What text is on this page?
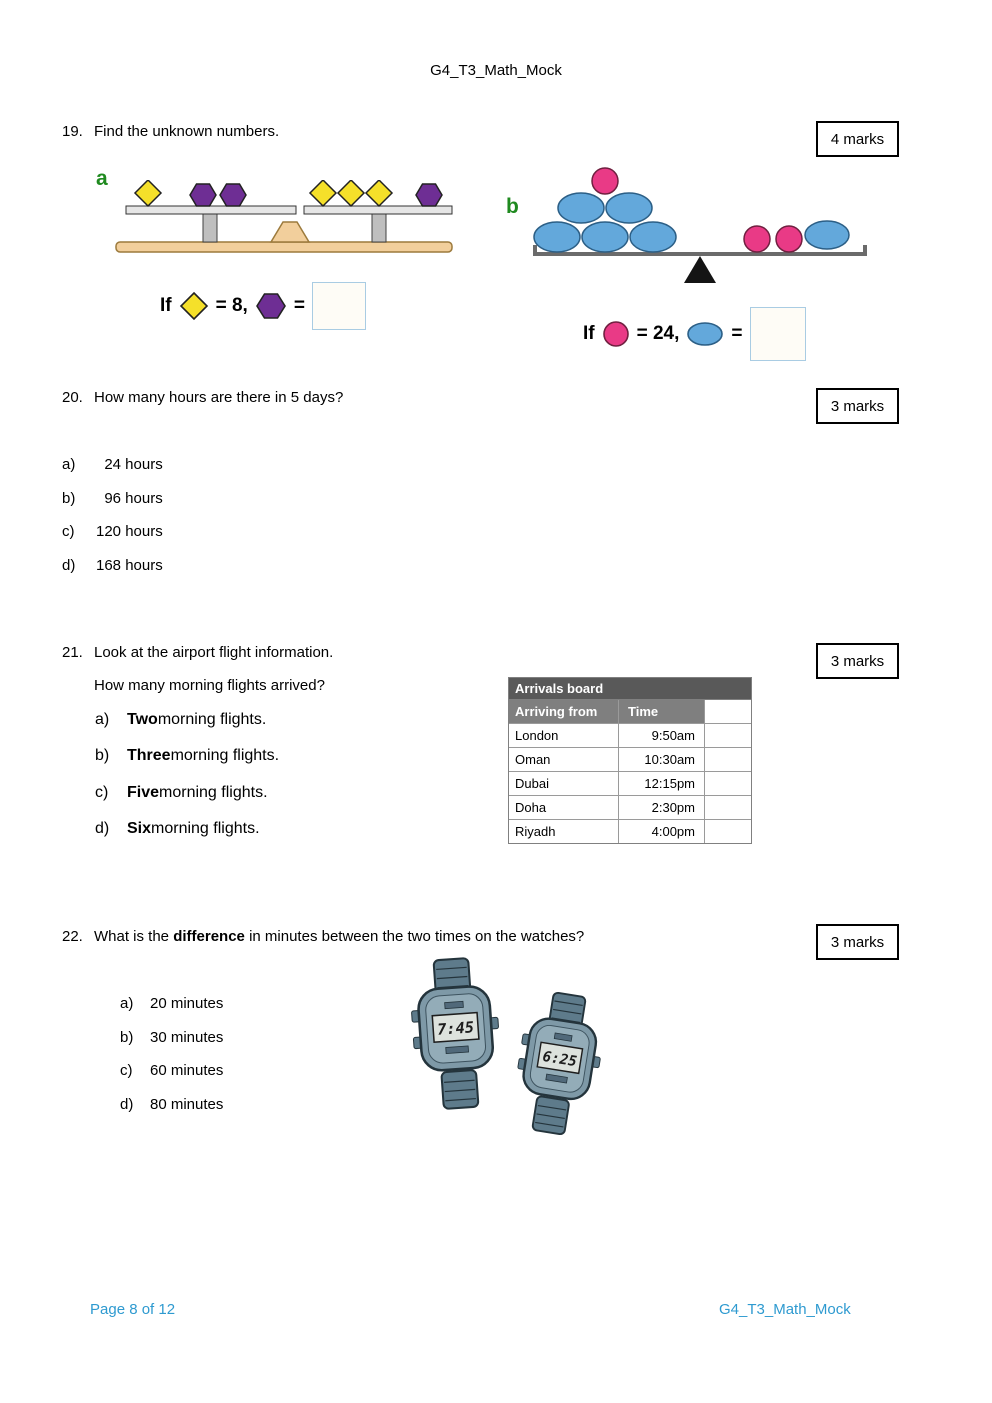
G4_T3_Math_Mock
19. Find the unknown numbers.	4 marks
a
If = 8, =
b
If = 24,	=
20. How many hours are there in 5 days?	3 marks
a)	24 hours
b)	96 hours
c)	120 hours
d)	168 hours
21. Look at the airport flight information.	3 marks
How many morning flights arrived?
a)	Two morning flights.
b)	Three morning flights.
c)	Five morning flights.
d)	Six morning flights.
Arrivals board
Arriving from	Time
London	9:50am
Oman	10:30am
Dubai	12:15pm
Doha	2:30pm
Riyadh	4:00pm
22. What is the difference in minutes between the two times on the watches?	3 marks
a)	20 minutes
b)	30 minutes
c)	60 minutes
d)	80 minutes
7:45
6:25
Page 8 of 12	G4_T3_Math_Mock
